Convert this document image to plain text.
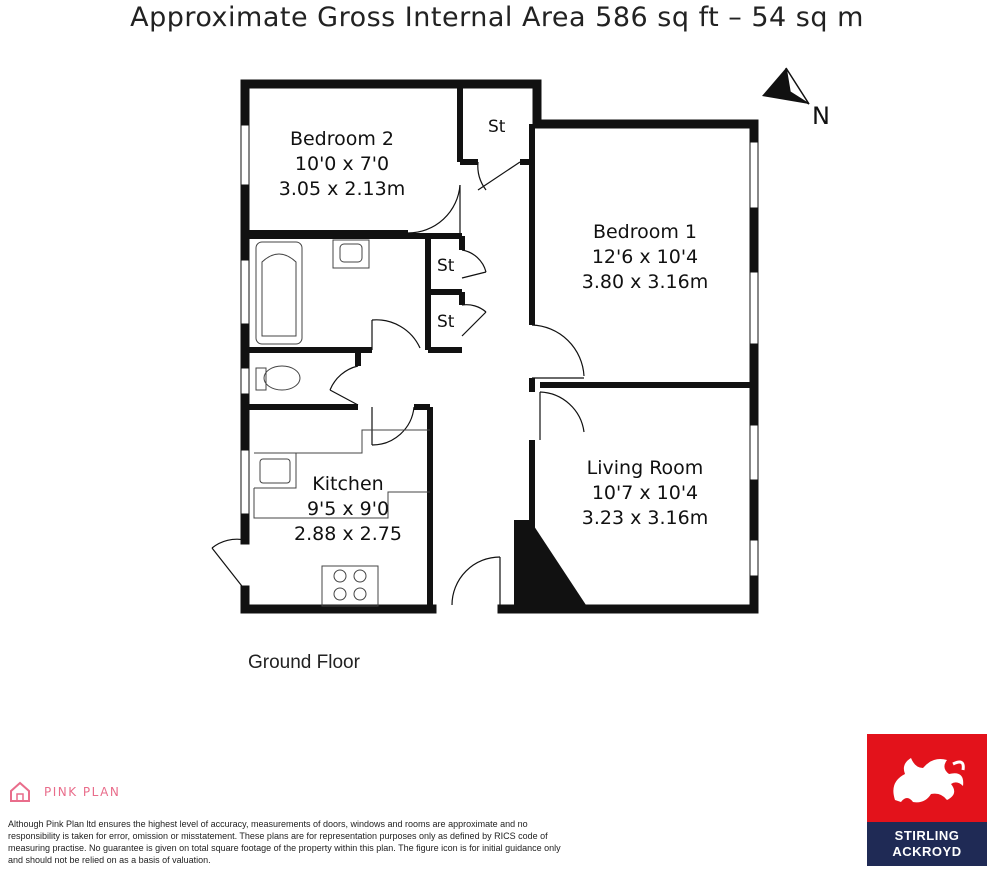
Approximate Gross Internal Area 586 sq ft – 54 sq m
Bedroom 2
10'0 x 7'0
3.05 x 2.13m
Bedroom 1
12'6 x 10'4
3.80 x 3.16m
Living Room
10'7 x 10'4
3.23 x 3.16m
Kitchen
9'5 x 9'0
2.88 x 2.75
St
St
St
N
Ground Floor
PINK PLAN
Although Pink Plan ltd ensures the highest level of accuracy, measurements of doors, windows and rooms are approximate and no responsibility is taken for error, omission or misstatement. These plans are for representation purposes only as defined by RICS code of measuring practise. No guarantee is given on total square footage of the property within this plan. The figure icon is for initial guidance only and should not be relied on as a basis of valuation.
STIRLING
ACKROYD
